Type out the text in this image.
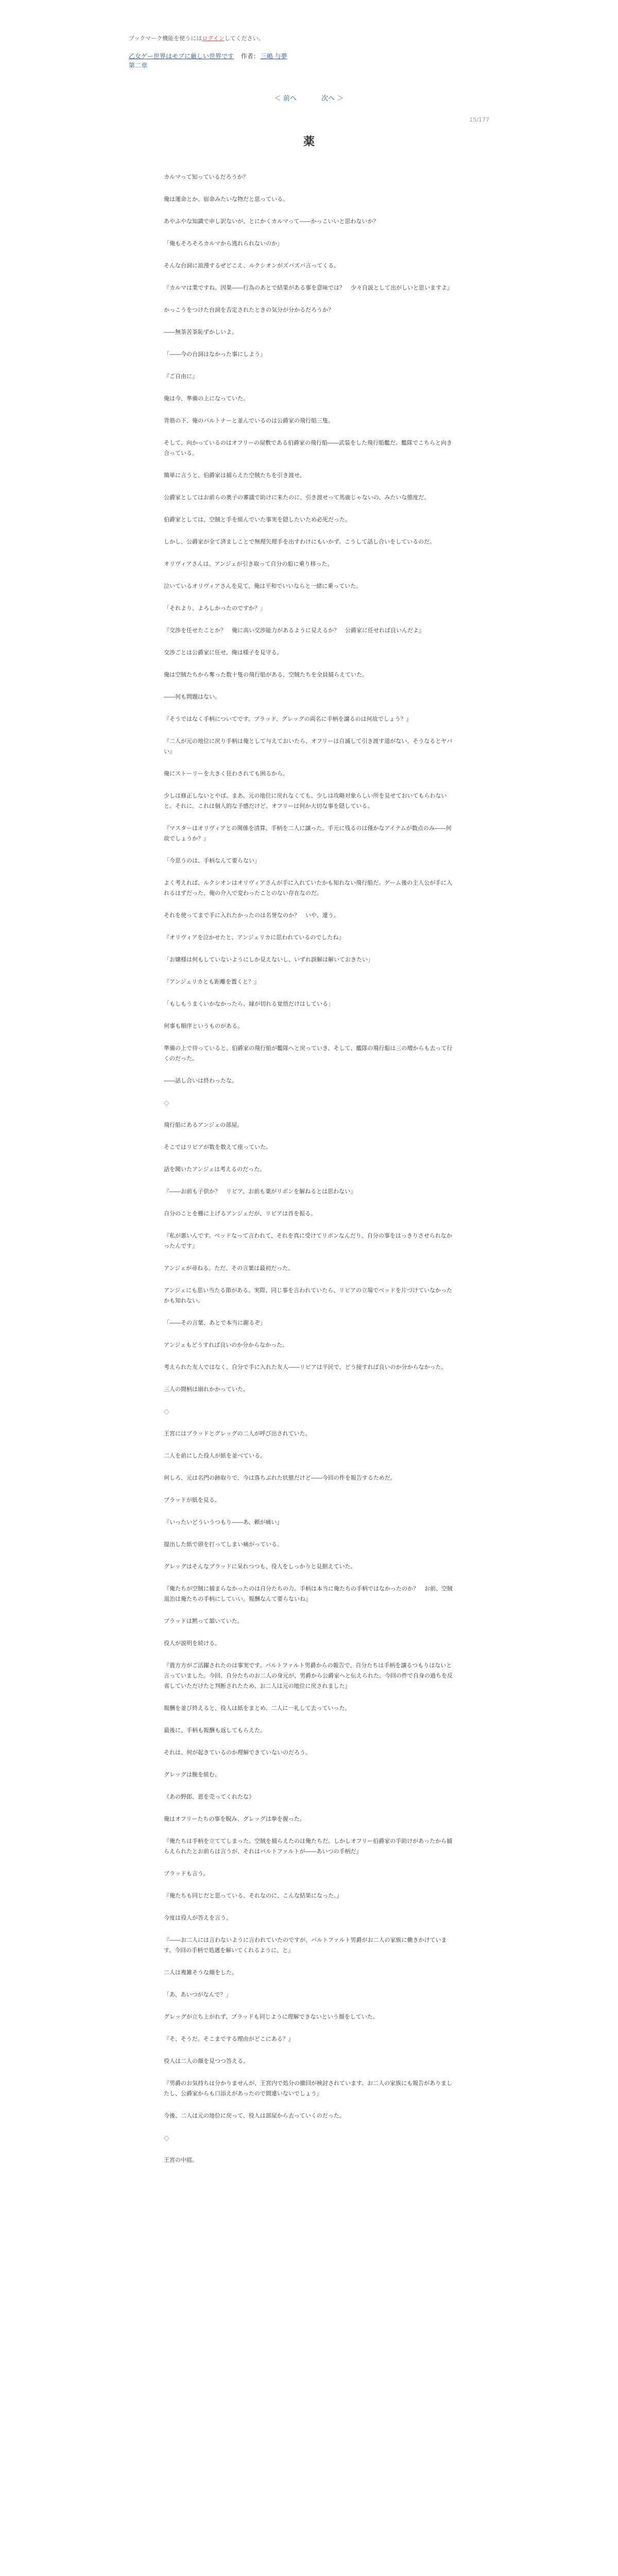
ブックマーク機能を使うにはログインしてください。
乙女ゲー世界はモブに厳しい世界です 作者： 三嶋 与夢
第二章
＜ 前へ	次へ ＞
15/177
薬

カルマって知っているだろうか？

俺は運命とか、宿命みたいな物だと思っている。

あやふやな知識で申し訳ないが、とにかくカルマって――かっこいいと思わないか？

「俺もそろそろカルマから逃れられないのか」

そんな台詞に浪漫するぜどこえ、ルクシオンがズバズバ言ってくる。

『カルマは業ですね。因果――行為のあとで結果がある事を意味では？　少々自説として出がしいと思いますよ』

かっこうをつけた台詞を否定されたときの気分が分かるだろうか？

――無茶苦茶恥ずかしいよ。

「――今の台詞はなかった事にしよう」

『ご自由に』

俺は今、準備の上になっていた。

背筋の下、俺のバルトナーと並んでいるのは公爵家の飛行船三隻。

そして、向かっているのはオフリーの屋敷である伯爵家の飛行船――武装をした飛行船艦だ。艦隊でこちらと向き合っている。

簡単に言うと、伯爵家は捕らえた空賊たちを引き渡せ。

公爵家としてはお前らの奥子の審議で助けに来たのに、引き渡せって馬鹿じゃないの、みたいな態度だ。

伯爵家としては、空賊と手を組んでいた事実を隠したいため必死だった。

しかし、公爵家が全て済ましことで無理矢理手を出すわけにもいかず。こうして話し合いをしているのだ。

オリヴィアさんは、アンジェが引き取って自分の船に乗り移った。

泣いているオリヴィアさんを見て、俺は平和でいいならと一緒に乗っていた。

「それより、よろしかったのですか？」

『交渉を任せたことか？　俺に高い交渉能力があるように見えるか？　公爵家に任せれば良いんだよ』

交渉ごとは公爵家に任せ、俺は様子を見守る。

俺は空賊たちから奪った数十隻の飛行船がある、空賊たちを全員捕らえていた。

――何も問題はない。

『そうではなく手柄についてです。ブラッド、グレッグの両名に手柄を譲るのは何故でしょう？』

『二人が元の地位に戻り手柄は俺として与えておいたら、オフリーは自滅して引き渡す道がない。そうなるとヤバい』

俺にストーリーを大きく狂わされても困るから。

少しは修正しないとやば。まあ、元の地位に戻れなくても、少しは攻略対象らしい所を見せておいてもらわないと。それに、これは個人的な予感だけど、オフリーは何か大切な事を隠している。

『マスターはオリヴィアとの関係を清算、手柄を二人に譲った。手元に残るのは僅かなアイテムが数点のみ――何故でしょうか？』

「今思うのは、手柄なんて要らない」

よく考えれば、ルクシオンはオリヴィアさんが手に入れていたかも知れない飛行船だ。ゲーム後の主人公が手に入れるはずだった、俺の介入で変わったことのない存在なのだ。

それを使ってまで手に入れたかったのは名誉なのか？　いや、違う。

『オリヴィアを泣かせたと、アンジェリカに思われているのでしたね』

「お嬢様は何もしていないようにしか見えないし、いずれ誤解は解いておきたい」

『アンジェリカとも距離を置くと？』

「もしもうまくいかなかったら、縁が切れる覚悟だけはしている」

何事も順序というものがある。

準備の上で待っていると、伯爵家の飛行船が艦隊へと戻っていき、そして、艦隊の飛行船は三の増からも去って行くのだった。

――話し合いは終わったな。

◇

飛行船にあるアンジェの部屋。

そこではリビアが数を数えて座っていた。

話を聞いたアンジェは考えるのだった。

『――お前も子供か？　リビア、お前も薬がリボンを解ねるとは思わない』

自分のことを棚に上げるアンジェだが、リビアは首を振る。

『私が悪いんです。ベッドなって言われて、それを真に受けてリボンなんだり、自分の事をはっきりさせられなかったんです』

アンジェが尋ねる。ただ、その言葉は最初だった。

アンジェにも思い当たる節がある。実際、同じ事を言われていたら、リビアの立場でベッドを片づけていなかったかも知れない。

「――その言葉、あとで本当に謝るぞ」

アンジェもどうすれば良いのか分からなかった。

考えられた友人ではなく、自分で手に入れた友人――リビアは平民で、どう接すれば良いのか分からなかった。

三人の間柄は崩れかかっていた。

◇

王宮にはブラッドとグレッグの二人が呼び出されていた。

二人を前にした役人が紙を並べている。

何しろ、元は名門の跡取りで、今は落ちぶれた状態だけど――今回の件を報告するためだ。

ブラッドが紙を見る。

『いったいどういうつもり――あ、頼が痛い』

提出した紙で頭を打ってしまい痛がっている。

グレッグはそんなブラッドに呆れつつも、役人をしっかりと見据えていた。

『俺たちが空賊に捕まらなかったのは自分たちの力。手柄は本当に俺たちの手柄ではなかったのか？　お前、空賊退治は俺たちの手柄にしていい。報酬なんて要らないね』

ブラッドは黙って頷いていた。

役人が説明を続ける。

『貴方方がご活躍されたのは事実です。バルトファルト男爵からの報告で、自分たちは手柄を譲るつもりはないと言っていました。今回、自分たちのお二人の身元が、男爵から公爵家へと伝えられた。今回の件で自身の過ちを反省していただけたと判断されたため、お二人は元の地位に戻されました』

報酬を並び終えると、役人は紙をまとめ、二人に一礼して去っていった。

最後に、手柄も報酬も返してもらえた。

それは、何が起きているのか理解できていないのだろう。

グレッグは腕を組む。

《あの野郎、恩を売ってくれたな》

俺はオフリーたちの事を睨み、グレッグは拳を握った。

『俺たちは手柄を立ててしまった。空賊を捕らえたのは俺たちだ。しかしオフリー伯爵家の手助けがあったから捕らえられたとお前らは言うが、それはバルトファルトが――あいつの手柄だ』

ブラッドも言う。

『俺たちも同じだと思っている。それなのに、こんな結果になった。』

今度は役人が答えを言う。

『――お二人には言わないように言われていたのですが、バルトファルト男爵がお二人の家族に働きかけています。今回の手柄で処遇を解いてくれるように、と』

二人は複雑そうな顔をした。

「あ、あいつがなんで？」

グレッグが立ち上がれず、ブラッドも同じように理解できないという顔をしていた。

『そ、そうだ。そこまでする理由がどこにある？』

役人は二人の顔を見つつ答える。

『男爵のお気持ちは分かりませんが、王宮内で処分の撤回が検討されています。お二人の家族にも報告がありましたし、公爵家からも口添えがあったので間違いないでしょう』

今後、二人は元の地位に戻って、役人は部屋から去っていくのだった。

◇

王宮の中庭。
